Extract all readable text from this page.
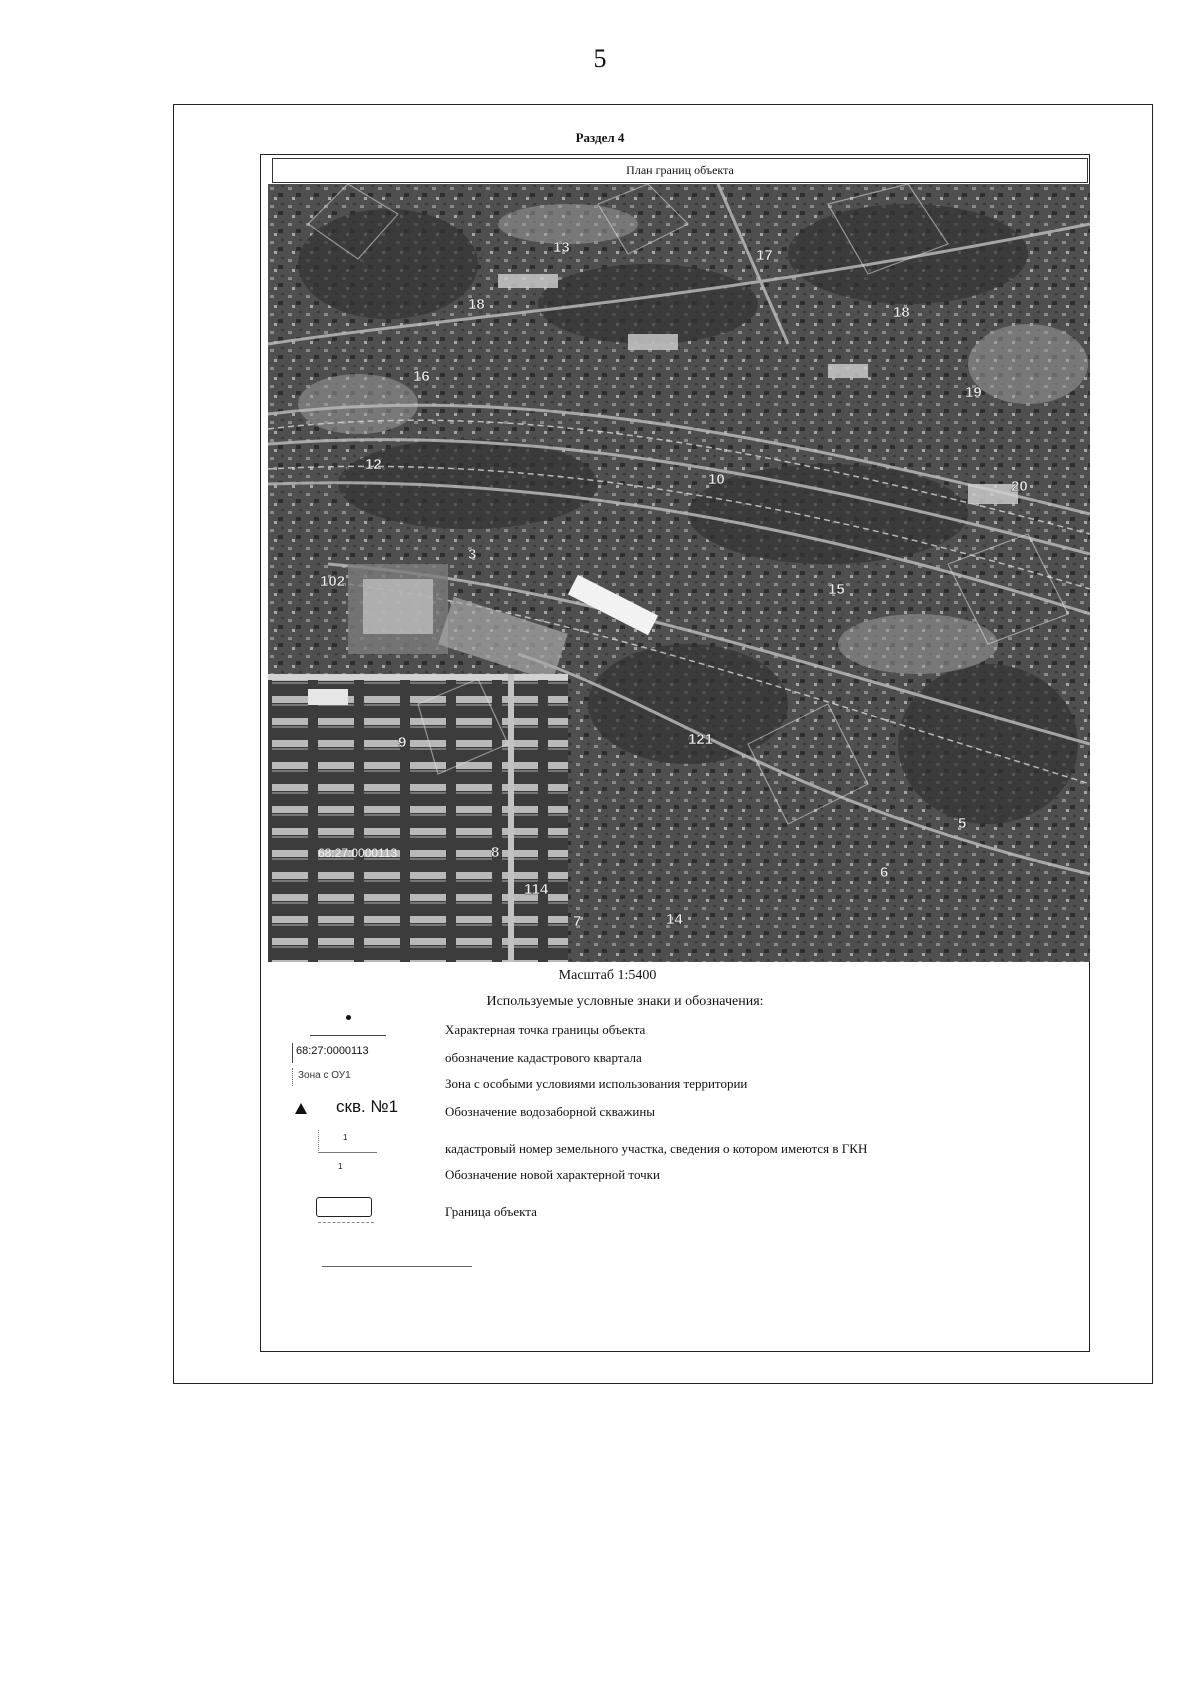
5
Раздел 4
План границ объекта
13	17
18
16
19
20
12
18
9
8
14
7
6
5
3
10
15
102
114
121
68:27:0000113
Масштаб 1:5400
Используемые условные знаки и обозначения:
Характерная точка границы объекта
68:27:0000113	обозначение кадастрового квартала
Зона с ОУ1
Зона с особыми условиями использования территории
скв. №1	Обозначение водозаборной скважины
1
кадастровый номер земельного участка, сведения о котором имеются в ГКН
1
Обозначение новой характерной точки
Граница объекта
